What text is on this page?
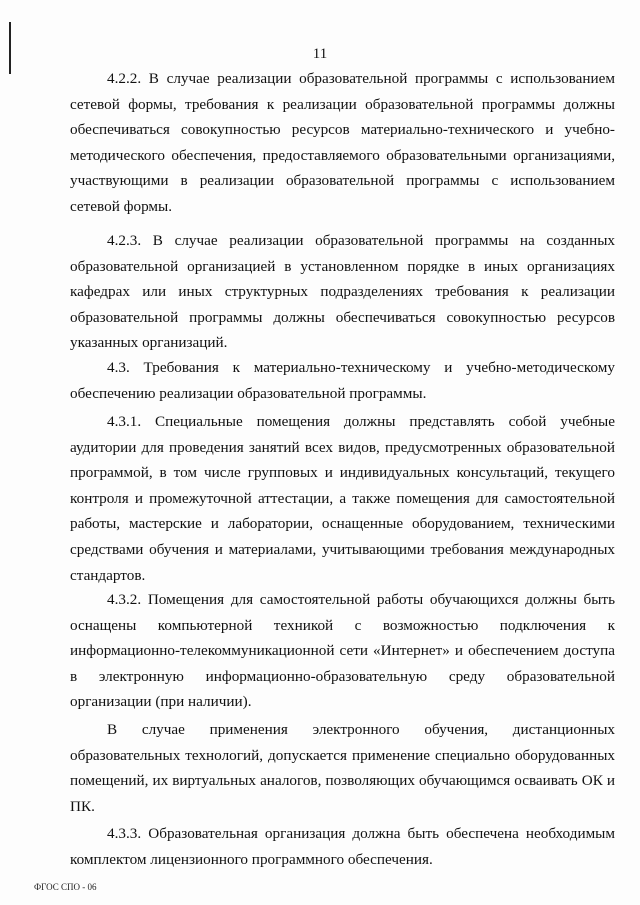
11

4.2.2. В случае реализации образовательной программы с использованием сетевой формы, требования к реализации образовательной программы должны обеспечиваться совокупностью ресурсов материально-технического и учебно-методического обеспечения, предоставляемого образовательными организациями, участвующими в реализации образовательной программы с использованием сетевой формы.

4.2.3. В случае реализации образовательной программы на созданных образовательной организацией в установленном порядке в иных организациях кафедрах или иных структурных подразделениях требования к реализации образовательной программы должны обеспечиваться совокупностью ресурсов указанных организаций.

4.3. Требования к материально-техническому и учебно-методическому обеспечению реализации образовательной программы.

4.3.1. Специальные помещения должны представлять собой учебные аудитории для проведения занятий всех видов, предусмотренных образовательной программой, в том числе групповых и индивидуальных консультаций, текущего контроля и промежуточной аттестации, а также помещения для самостоятельной работы, мастерские и лаборатории, оснащенные оборудованием, техническими средствами обучения и материалами, учитывающими требования международных стандартов.

4.3.2. Помещения для самостоятельной работы обучающихся должны быть оснащены компьютерной техникой с возможностью подключения к информационно-телекоммуникационной сети «Интернет» и обеспечением доступа в электронную информационно-образовательную среду образовательной организации (при наличии).

В случае применения электронного обучения, дистанционных образовательных технологий, допускается применение специально оборудованных помещений, их виртуальных аналогов, позволяющих обучающимся осваивать ОК и ПК.

4.3.3. Образовательная организация должна быть обеспечена необходимым комплектом лицензионного программного обеспечения.

ФГОС СПО - 06
